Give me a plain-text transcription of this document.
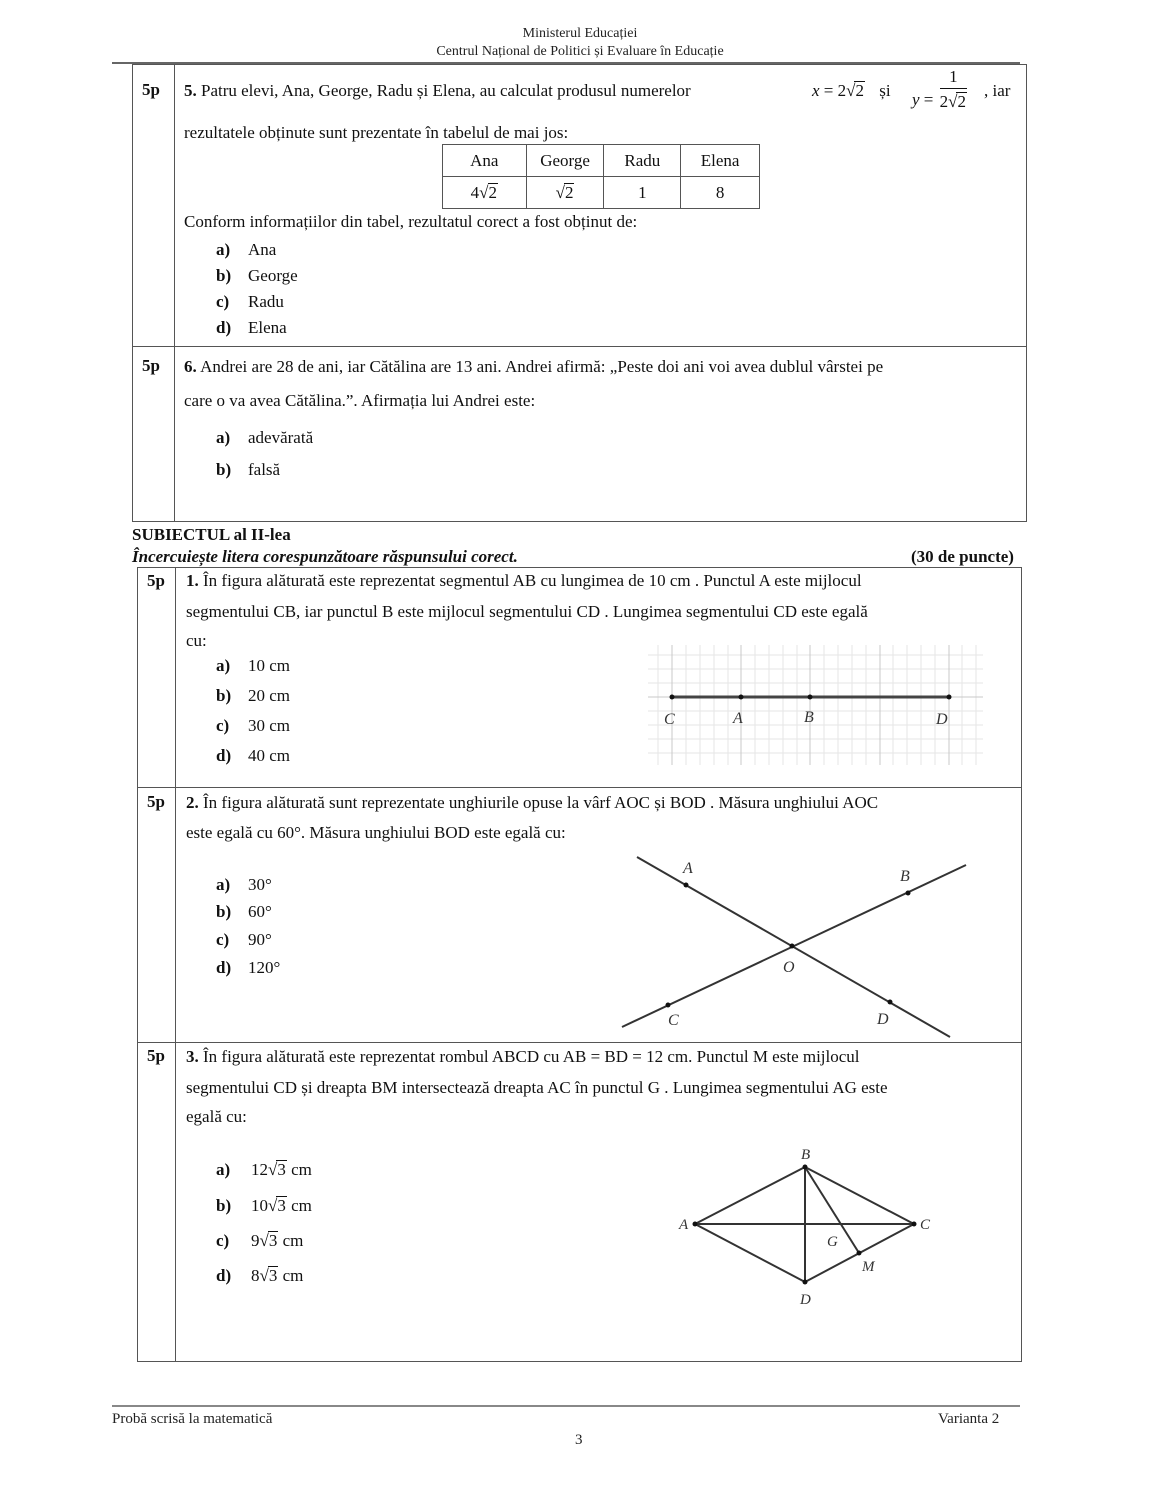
Ministerul Educației
Centrul Național de Politici și Evaluare în Educație
5p 5. Patru elevi, Ana, George, Radu și Elena, au calculat produsul numerelor	x = 2√2 și $y = \frac{1}{2√2}$ , iar
rezultatele obținute sunt prezentate în tabelul de mai jos:
Ana	George	Radu	Elena
4√2	√2	1	8
Conform informațiilor din tabel, rezultatul corect a fost obținut de:
a) Ana
b) George
c) Radu
d) Elena
5p 6. Andrei are 28 de ani, iar Cătălina are 13 ani. Andrei afirmă: „Peste doi ani voi avea dublul vârstei pe
care o va avea Cătălina.”. Afirmația lui Andrei este:
a) adevărată
b) falsă
SUBIECTUL al II-lea
Încercuiește litera corespunzătoare răspunsului corect.	(30 de puncte)
5p 1. În figura alăturată este reprezentat segmentul AB cu lungimea de 10 cm . Punctul A este mijlocul
segmentului CB, iar punctul B este mijlocul segmentului CD . Lungimea segmentului CD este egală
cu:
a) 10 cm
b) 20 cm
c) 30 cm
d) 40 cm
C	A	B	D
5p 2. În figura alăturată sunt reprezentate unghiurile opuse la vârf AOC și BOD . Măsura unghiului AOC
este egală cu 60°. Măsura unghiului BOD este egală cu:
a) 30°
b) 60°
c) 90°
d) 120°
A	B
O
C	D
5p 3. În figura alăturată este reprezentat rombul ABCD cu AB = BD = 12 cm. Punctul M este mijlocul
segmentului CD și dreapta BM intersectează dreapta AC în punctul G . Lungimea segmentului AG este
egală cu:
a) 12√3 cm
b) 10√3 cm
c) 9√3 cm
d) 8√3 cm
A
B
C
D
G
M
Probă scrisă la matematică	Varianta 2
3
